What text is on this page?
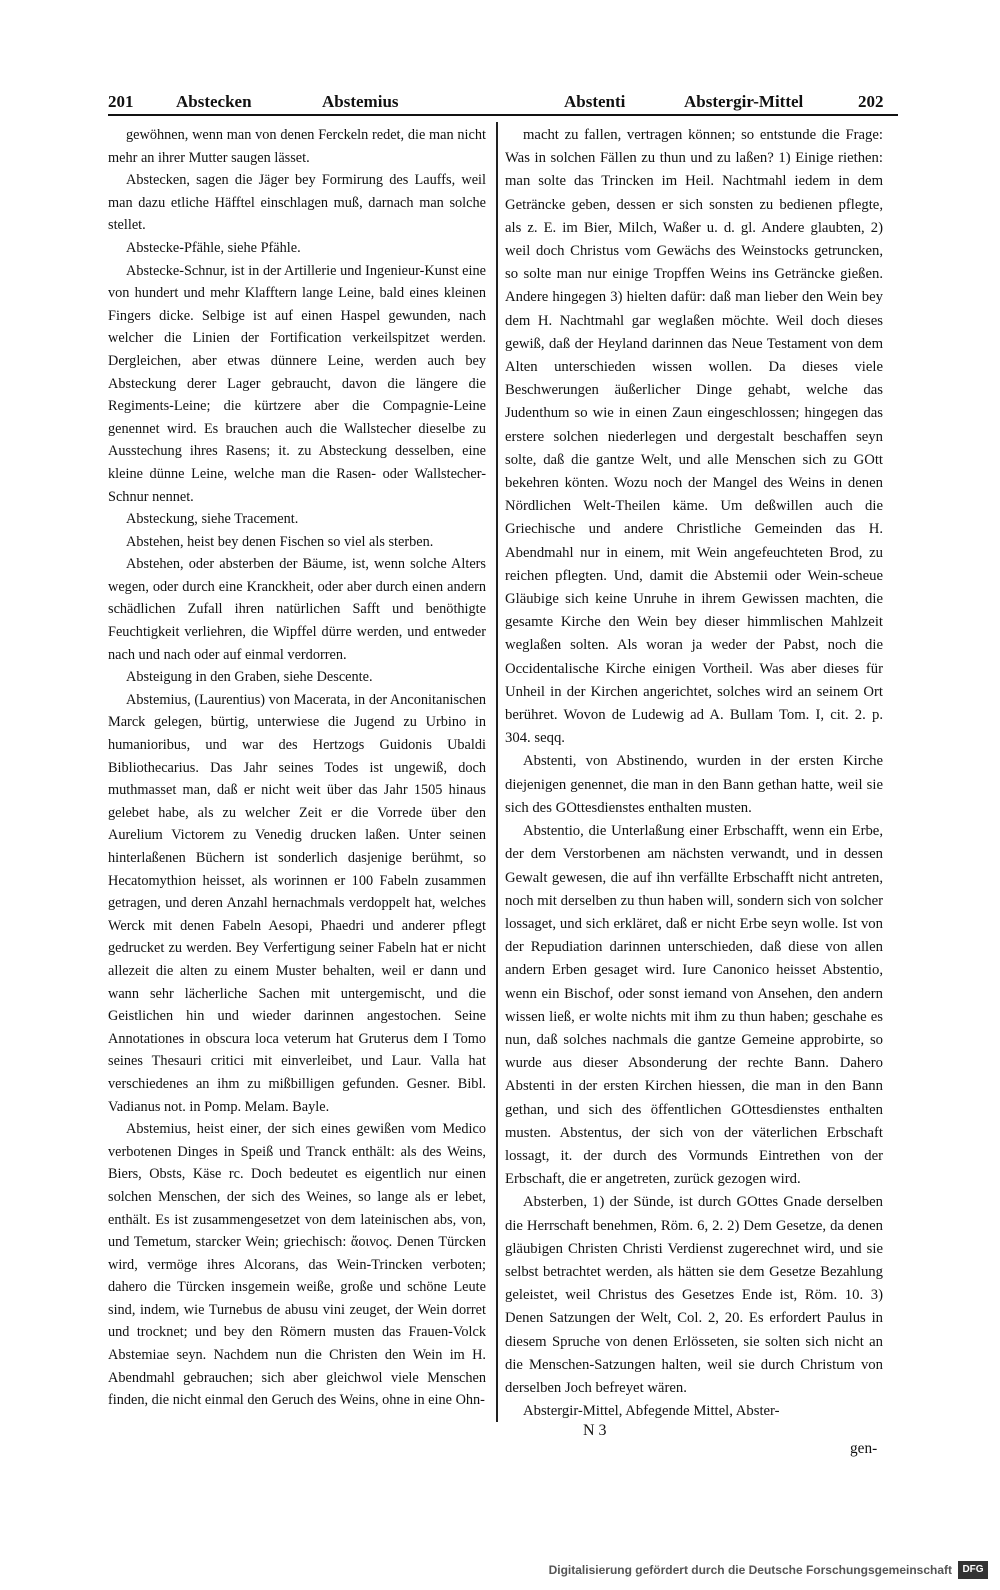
201	Abstecken	Abstemius	Abstenti	Abstergir-Mittel	202

gewöhnen, wenn man von denen Ferckeln redet, die man nicht mehr an ihrer Mutter saugen lässet.

Abstecken, sagen die Jäger bey Formirung des Lauffs, weil man dazu etliche Häfftel einschlagen muß, darnach man solche stellet.

Abstecke-Pfähle, siehe Pfähle.

Abstecke-Schnur, ist in der Artillerie und Ingenieur-Kunst eine von hundert und mehr Klafftern lange Leine, bald eines kleinen Fingers dicke. Selbige ist auf einen Haspel gewunden, nach welcher die Linien der Fortification verkeilspitzet werden. Dergleichen, aber etwas dünnere Leine, werden auch bey Absteckung derer Lager gebraucht, davon die längere die Regiments-Leine; die kürtzere aber die Compagnie-Leine genennet wird. Es brauchen auch die Wallstecher dieselbe zu Ausstechung ihres Rasens; it. zu Absteckung desselben, eine kleine dünne Leine, welche man die Rasen- oder Wallstecher-Schnur nennet.

Absteckung, siehe Tracement.

Abstehen, heist bey denen Fischen so viel als sterben.

Abstehen, oder absterben der Bäume, ist, wenn solche Alters wegen, oder durch eine Kranckheit, oder aber durch einen andern schädlichen Zufall ihren natürlichen Safft und benöthigte Feuchtigkeit verliehren, die Wipffel dürre werden, und entweder nach und nach oder auf einmal verdorren.

Absteigung in den Graben, siehe Descente.

Abstemius, (Laurentius) von Macerata, in der Anconitanischen Marck gelegen, bürtig, unterwiese die Jugend zu Urbino in humanioribus, und war des Hertzogs Guidonis Ubaldi Bibliothecarius. Das Jahr seines Todes ist ungewiß, doch muthmasset man, daß er nicht weit über das Jahr 1505 hinaus gelebet habe, als zu welcher Zeit er die Vorrede über den Aurelium Victorem zu Venedig drucken laßen. Unter seinen hinterlaßenen Büchern ist sonderlich dasjenige berühmt, so Hecatomythion heisset, als worinnen er 100 Fabeln zusammen getragen, und deren Anzahl hernachmals verdoppelt hat, welches Werck mit denen Fabeln Aesopi, Phaedri und anderer pflegt gedrucket zu werden. Bey Verfertigung seiner Fabeln hat er nicht allezeit die alten zu einem Muster behalten, weil er dann und wann sehr lächerliche Sachen mit untergemischt, und die Geistlichen hin und wieder darinnen angestochen. Seine Annotationes in obscura loca veterum hat Gruterus dem I Tomo seines Thesauri critici mit einverleibet, und Laur. Valla hat verschiedenes an ihm zu mißbilligen gefunden. Gesner. Bibl. Vadianus not. in Pomp. Melam. Bayle.

Abstemius, heist einer, der sich eines gewißen vom Medico verbotenen Dinges in Speiß und Tranck enthält: als des Weins, Biers, Obsts, Käse rc. Doch bedeutet es eigentlich nur einen solchen Menschen, der sich des Weines, so lange als er lebet, enthält. Es ist zusammengesetzet von dem lateinischen abs, von, und Temetum, starcker Wein; griechisch: ἄοινος. Denen Türcken wird, vermöge ihres Alcorans, das Wein-Trincken verboten; dahero die Türcken insgemein weiße, große und schöne Leute sind, indem, wie Turnebus de abusu vini zeuget, der Wein dorret und trocknet; und bey den Römern musten das Frauen-Volck Abstemiae seyn. Nachdem nun die Christen den Wein im H. Abendmahl gebrauchen; sich aber gleichwol viele Menschen finden, die nicht einmal den Geruch des Weins, ohne in eine Ohn-

macht zu fallen, vertragen können; so entstunde die Frage: Was in solchen Fällen zu thun und zu laßen? 1) Einige riethen: man solte das Trincken im Heil. Nachtmahl iedem in dem Geträncke geben, dessen er sich sonsten zu bedienen pflegte, als z. E. im Bier, Milch, Waßer u. d. gl. Andere glaubten, 2) weil doch Christus vom Gewächs des Weinstocks getruncken, so solte man nur einige Tropffen Weins ins Geträncke gießen. Andere hingegen 3) hielten dafür: daß man lieber den Wein bey dem H. Nachtmahl gar weglaßen möchte. Weil doch dieses gewiß, daß der Heyland darinnen das Neue Testament von dem Alten unterschieden wissen wollen. Da dieses viele Beschwerungen äußerlicher Dinge gehabt, welche das Judenthum so wie in einen Zaun eingeschlossen; hingegen das erstere solchen niederlegen und dergestalt beschaffen seyn solte, daß die gantze Welt, und alle Menschen sich zu GOtt bekehren könten. Wozu noch der Mangel des Weins in denen Nördlichen Welt-Theilen käme. Um deßwillen auch die Griechische und andere Christliche Gemeinden das H. Abendmahl nur in einem, mit Wein angefeuchteten Brod, zu reichen pflegten. Und, damit die Abstemii oder Wein-scheue Gläubige sich keine Unruhe in ihrem Gewissen machten, die gesamte Kirche den Wein bey dieser himmlischen Mahlzeit weglaßen solten. Als woran ja weder der Pabst, noch die Occidentalische Kirche einigen Vortheil. Was aber dieses für Unheil in der Kirchen angerichtet, solches wird an seinem Ort berühret. Wovon de Ludewig ad A. Bullam Tom. I, cit. 2. p. 304. seqq.

Abstenti, von Abstinendo, wurden in der ersten Kirche diejenigen genennet, die man in den Bann gethan hatte, weil sie sich des GOttesdienstes enthalten musten.

Abstentio, die Unterlaßung einer Erbschafft, wenn ein Erbe, der dem Verstorbenen am nächsten verwandt, und in dessen Gewalt gewesen, die auf ihn verfällte Erbschafft nicht antreten, noch mit derselben zu thun haben will, sondern sich von solcher lossaget, und sich erkläret, daß er nicht Erbe seyn wolle. Ist von der Repudiation darinnen unterschieden, daß diese von allen andern Erben gesaget wird. Iure Canonico heisset Abstentio, wenn ein Bischof, oder sonst iemand von Ansehen, den andern wissen ließ, er wolte nichts mit ihm zu thun haben; geschahe es nun, daß solches nachmals die gantze Gemeine approbirte, so wurde aus dieser Absonderung der rechte Bann. Dahero Abstenti in der ersten Kirchen hiessen, die man in den Bann gethan, und sich des öffentlichen GOttesdienstes enthalten musten. Abstentus, der sich von der väterlichen Erbschaft lossagt, it. der durch des Vormunds Eintrethen von der Erbschaft, die er angetreten, zurück gezogen wird.

Absterben, 1) der Sünde, ist durch GOttes Gnade derselben die Herrschaft benehmen, Röm. 6, 2. 2) Dem Gesetze, da denen gläubigen Christen Christi Verdienst zugerechnet wird, und sie selbst betrachtet werden, als hätten sie dem Gesetze Bezahlung geleistet, weil Christus des Gesetzes Ende ist, Röm. 10. 3) Denen Satzungen der Welt, Col. 2, 20. Es erfordert Paulus in diesem Spruche von denen Erlösseten, sie solten sich nicht an die Menschen-Satzungen halten, weil sie durch Christum von derselben Joch befreyet wären.

Abstergir-Mittel, Abfegende Mittel, Abster-

N 3
gen-
Digitalisierung gefördert durch die Deutsche Forschungsgemeinschaft	DFG
